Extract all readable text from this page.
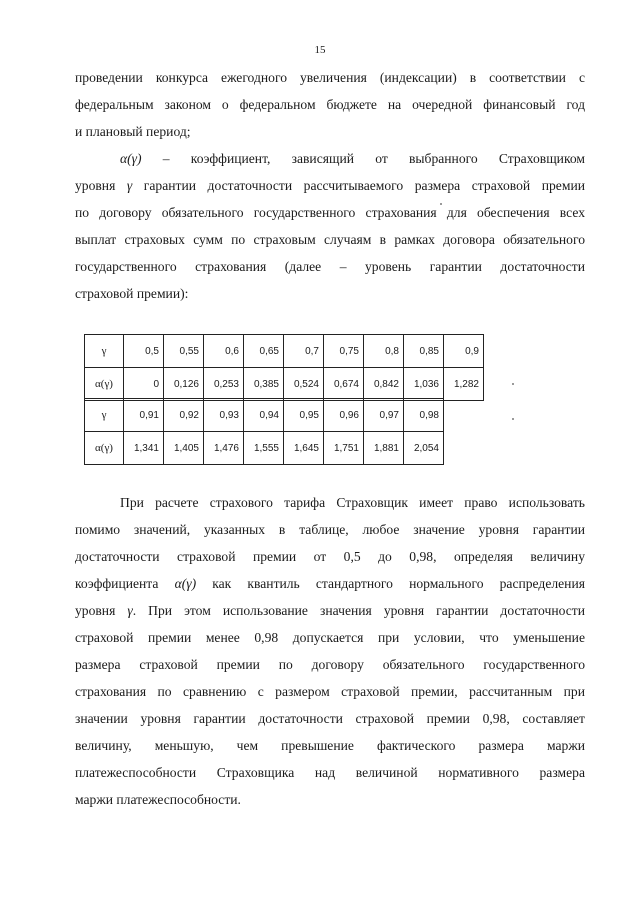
15
проведении конкурса ежегодного увеличения (индексации) в соответствии с
федеральным законом о федеральном бюджете на очередной финансовый год
и плановый период;
α(γ) – коэффициент, зависящий от выбранного Страховщиком
уровня γ гарантии достаточности рассчитываемого размера страховой премии
по договору обязательного государственного страхования для обеспечения всех
выплат страховых сумм по страховым случаям в рамках договора обязательного
государственного страхования (далее – уровень гарантии достаточности
страховой премии):
γ	0,5	0,55	0,6	0,65	0,7	0,75	0,8	0,85	0,9
α(γ)	0	0,126	0,253	0,385	0,524	0,674	0,842	1,036	1,282
γ	0,91	0,92	0,93	0,94	0,95	0,96	0,97	0,98
α(γ)	1,341	1,405	1,476	1,555	1,645	1,751	1,881	2,054
При расчете страхового тарифа Страховщик имеет право использовать
помимо значений, указанных в таблице, любое значение уровня гарантии
достаточности страховой премии от 0,5 до 0,98, определяя величину
коэффициента α(γ) как квантиль стандартного нормального распределения
уровня γ. При этом использование значения уровня гарантии достаточности
страховой премии менее 0,98 допускается при условии, что уменьшение
размера страховой премии по договору обязательного государственного
страхования по сравнению с размером страховой премии, рассчитанным при
значении уровня гарантии достаточности страховой премии 0,98, составляет
величину, меньшую, чем превышение фактического размера маржи
платежеспособности Страховщика над величиной нормативного размера
маржи платежеспособности.
